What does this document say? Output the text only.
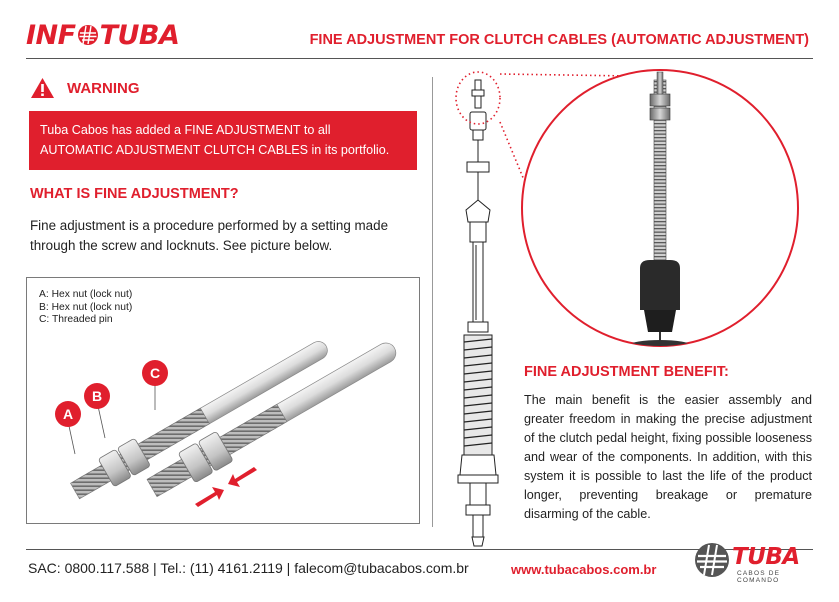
INF TUBA	FINE ADJUSTMENT FOR CLUTCH CABLES (AUTOMATIC ADJUSTMENT)
WARNING
Tuba Cabos has added a FINE ADJUSTMENT to all AUTOMATIC ADJUSTMENT CLUTCH CABLES in its portfolio.
WHAT IS FINE ADJUSTMENT?
Fine adjustment is a procedure performed by a setting made through the screw and locknuts. See picture below.
A: Hex nut (lock nut)
B: Hex nut (lock nut)
C: Threaded pin
A
B
C	FINE ADJUSTMENT BENEFIT:
The main benefit is the easier assembly and greater freedom in making the precise adjustment of the clutch pedal height, fixing possible looseness and wear of the components. In addition, with this system it is possible to last the life of the product longer, preventing breakage or premature disarming of the cable.
SAC: 0800.117.588 | Tel.: (11) 4161.2119 | falecom@tubacabos.com.br	www.tubacabos.com.br	TUBA
CABOS DE COMANDO
